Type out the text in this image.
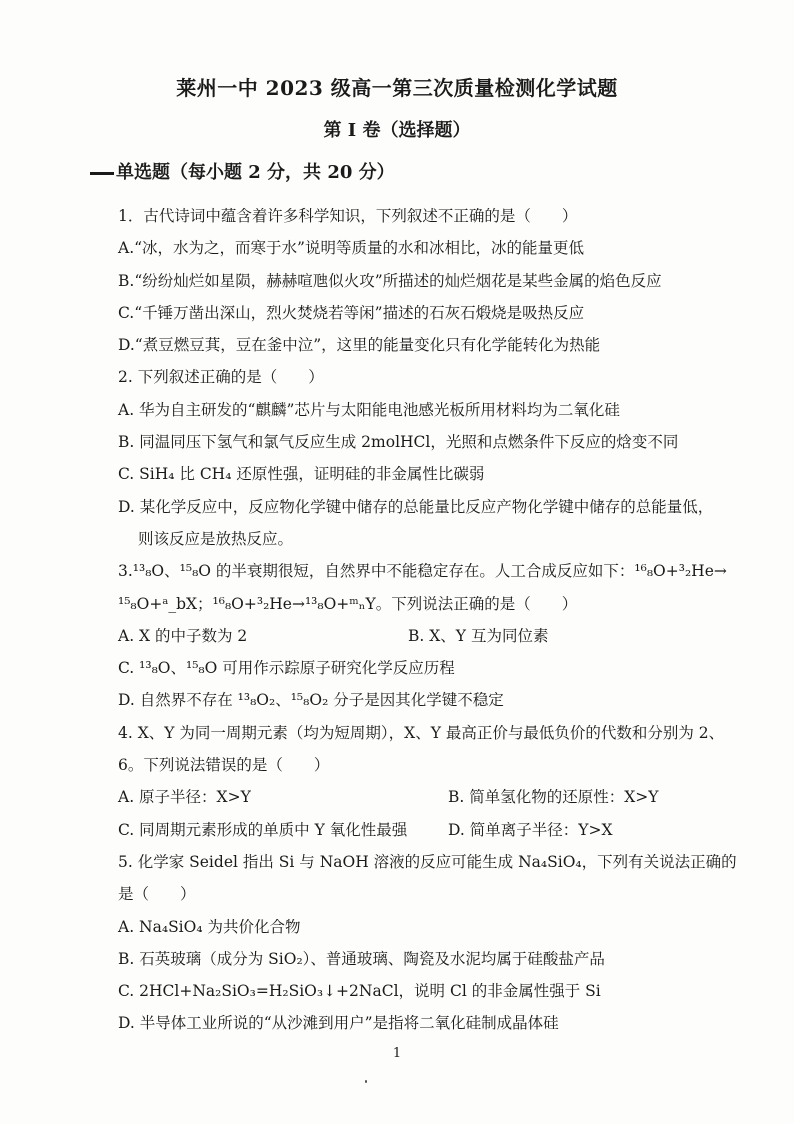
莱州一中 2023 级高一第三次质量检测化学试题
第 I 卷（选择题）
单选题（每小题 2 分，共 20 分）
1．古代诗词中蕴含着许多科学知识，下列叙述不正确的是（　　）
A.“冰，水为之，而寒于水”说明等质量的水和冰相比，冰的能量更低
B.“纷纷灿烂如星陨，赫赫喧虺似火攻”所描述的灿烂烟花是某些金属的焰色反应
C.“千锤万凿出深山，烈火焚烧若等闲”描述的石灰石煅烧是吸热反应
D.“煮豆燃豆萁，豆在釜中泣”，这里的能量变化只有化学能转化为热能
2. 下列叙述正确的是（　　）
A. 华为自主研发的“麒麟”芯片与太阳能电池感光板所用材料均为二氧化硅
B. 同温同压下氢气和氯气反应生成 2molHCl，光照和点燃条件下反应的焓变不同
C. SiH₄ 比 CH₄ 还原性强，证明硅的非金属性比碳弱
D. 某化学反应中，反应物化学键中储存的总能量比反应产物化学键中储存的总能量低，
则该反应是放热反应。
3.¹³₈O、¹⁵₈O 的半衰期很短，自然界中不能稳定存在。人工合成反应如下：¹⁶₈O+³₂He→
¹⁵₈O+ᵃ_bX；¹⁶₈O+³₂He→¹³₈O+ᵐₙY。下列说法正确的是（　　）
A. X 的中子数为 2	B. X、Y 互为同位素
C. ¹³₈O、¹⁵₈O 可用作示踪原子研究化学反应历程
D. 自然界不存在 ¹³₈O₂、¹⁵₈O₂ 分子是因其化学键不稳定
4. X、Y 为同一周期元素（均为短周期），X、Y 最高正价与最低负价的代数和分别为 2、
6。下列说法错误的是（　　）
A. 原子半径：X>Y	B. 简单氢化物的还原性：X>Y
C. 同周期元素形成的单质中 Y 氧化性最强	D. 简单离子半径：Y>X
5. 化学家 Seidel 指出 Si 与 NaOH 溶液的反应可能生成 Na₄SiO₄，下列有关说法正确的
是（　　）
A. Na₄SiO₄ 为共价化合物
B. 石英玻璃（成分为 SiO₂）、普通玻璃、陶瓷及水泥均属于硅酸盐产品
C. 2HCl+Na₂SiO₃=H₂SiO₃↓+2NaCl，说明 Cl 的非金属性强于 Si
D. 半导体工业所说的“从沙滩到用户”是指将二氧化硅制成晶体硅
1
